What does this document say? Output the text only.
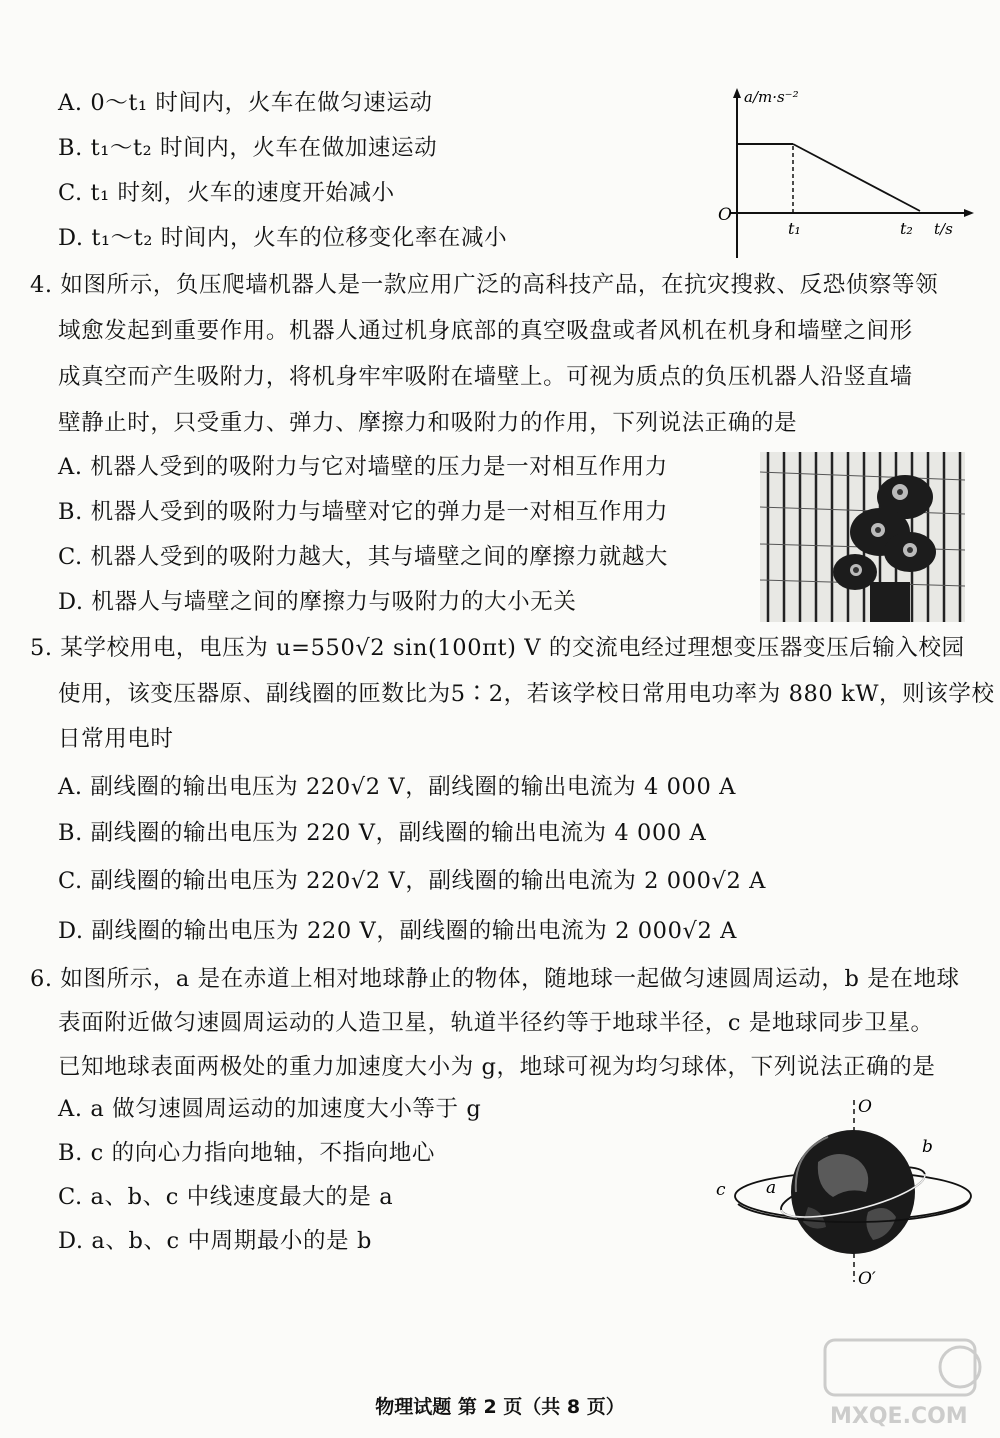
A. 0～t₁ 时间内，火车在做匀速运动
B. t₁～t₂ 时间内，火车在做加速运动
C. t₁ 时刻，火车的速度开始减小
D. t₁～t₂ 时间内，火车的位移变化率在减小
a/m·s⁻²
O
t₁	t₂ t/s
4. 如图所示，负压爬墙机器人是一款应用广泛的高科技产品，在抗灾搜救、反恐侦察等领
域愈发起到重要作用。机器人通过机身底部的真空吸盘或者风机在机身和墙壁之间形
成真空而产生吸附力，将机身牢牢吸附在墙壁上。可视为质点的负压机器人沿竖直墙
壁静止时，只受重力、弹力、摩擦力和吸附力的作用，下列说法正确的是
A. 机器人受到的吸附力与它对墙壁的压力是一对相互作用力
B. 机器人受到的吸附力与墙壁对它的弹力是一对相互作用力
C. 机器人受到的吸附力越大，其与墙壁之间的摩擦力就越大
D. 机器人与墙壁之间的摩擦力与吸附力的大小无关
5. 某学校用电，电压为 u=550√2 sin(100πt) V 的交流电经过理想变压器变压后输入校园
使用，该变压器原、副线圈的匝数比为5∶2，若该学校日常用电功率为 880 kW，则该学校
日常用电时
A. 副线圈的输出电压为 220√2 V，副线圈的输出电流为 4 000 A
B. 副线圈的输出电压为 220 V，副线圈的输出电流为 4 000 A
C. 副线圈的输出电压为 220√2 V，副线圈的输出电流为 2 000√2 A
D. 副线圈的输出电压为 220 V，副线圈的输出电流为 2 000√2 A
6. 如图所示，a 是在赤道上相对地球静止的物体，随地球一起做匀速圆周运动，b 是在地球
表面附近做匀速圆周运动的人造卫星，轨道半径约等于地球半径，c 是地球同步卫星。
已知地球表面两极处的重力加速度大小为 g，地球可视为均匀球体，下列说法正确的是
A. a 做匀速圆周运动的加速度大小等于 g
B. c 的向心力指向地轴，不指向地心
C. a、b、c 中线速度最大的是 a
D. a、b、c 中周期最小的是 b
O
O′
b
c a
MXQE.COM
物理试题 第 2 页（共 8 页）
